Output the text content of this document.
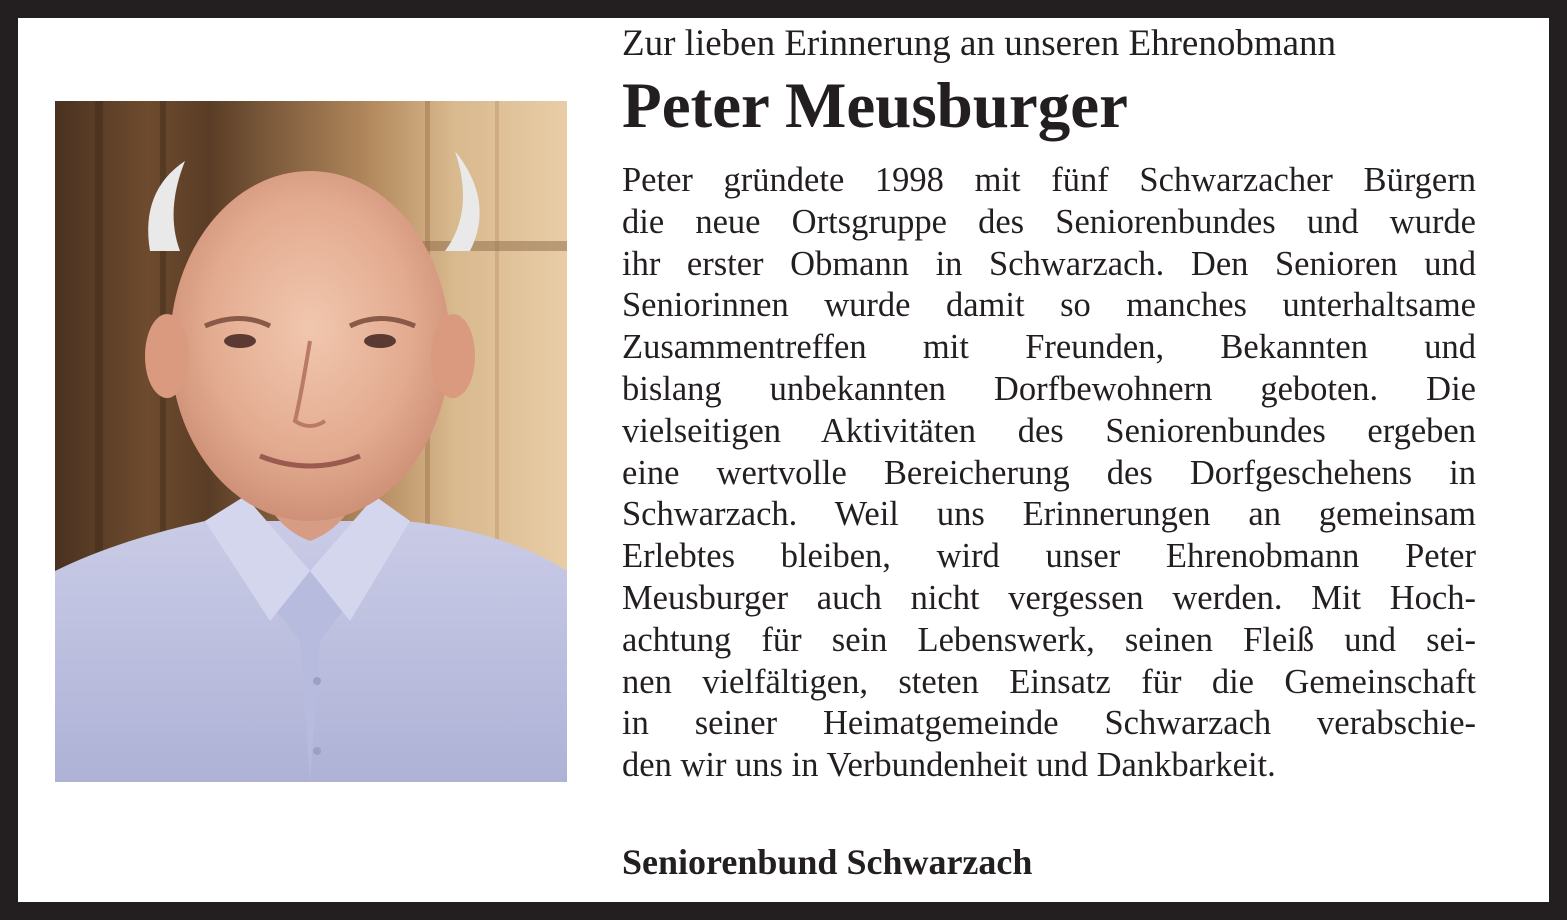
Zur lieben Erinnerung an unseren Ehrenobmann

Peter Meusburger

Peter gründete 1998 mit fünf Schwarzacher Bürgern
die neue Ortsgruppe des Seniorenbundes und wurde
ihr erster Obmann in Schwarzach. Den Senioren und
Seniorinnen wurde damit so manches unterhaltsame
Zusammentreffen mit Freunden, Bekannten und
bislang unbekannten Dorfbewohnern geboten. Die
vielseitigen Aktivitäten des Seniorenbundes ergeben
eine wertvolle Bereicherung des Dorfgeschehens in
Schwarzach. Weil uns Erinnerungen an gemeinsam
Erlebtes bleiben, wird unser Ehrenobmann Peter
Meusburger auch nicht vergessen werden. Mit Hoch-
achtung für sein Lebenswerk, seinen Fleiß und sei-
nen vielfältigen, steten Einsatz für die Gemeinschaft
in seiner Heimatgemeinde Schwarzach verabschie-
den wir uns in Verbundenheit und Dankbarkeit.

Seniorenbund Schwarzach
